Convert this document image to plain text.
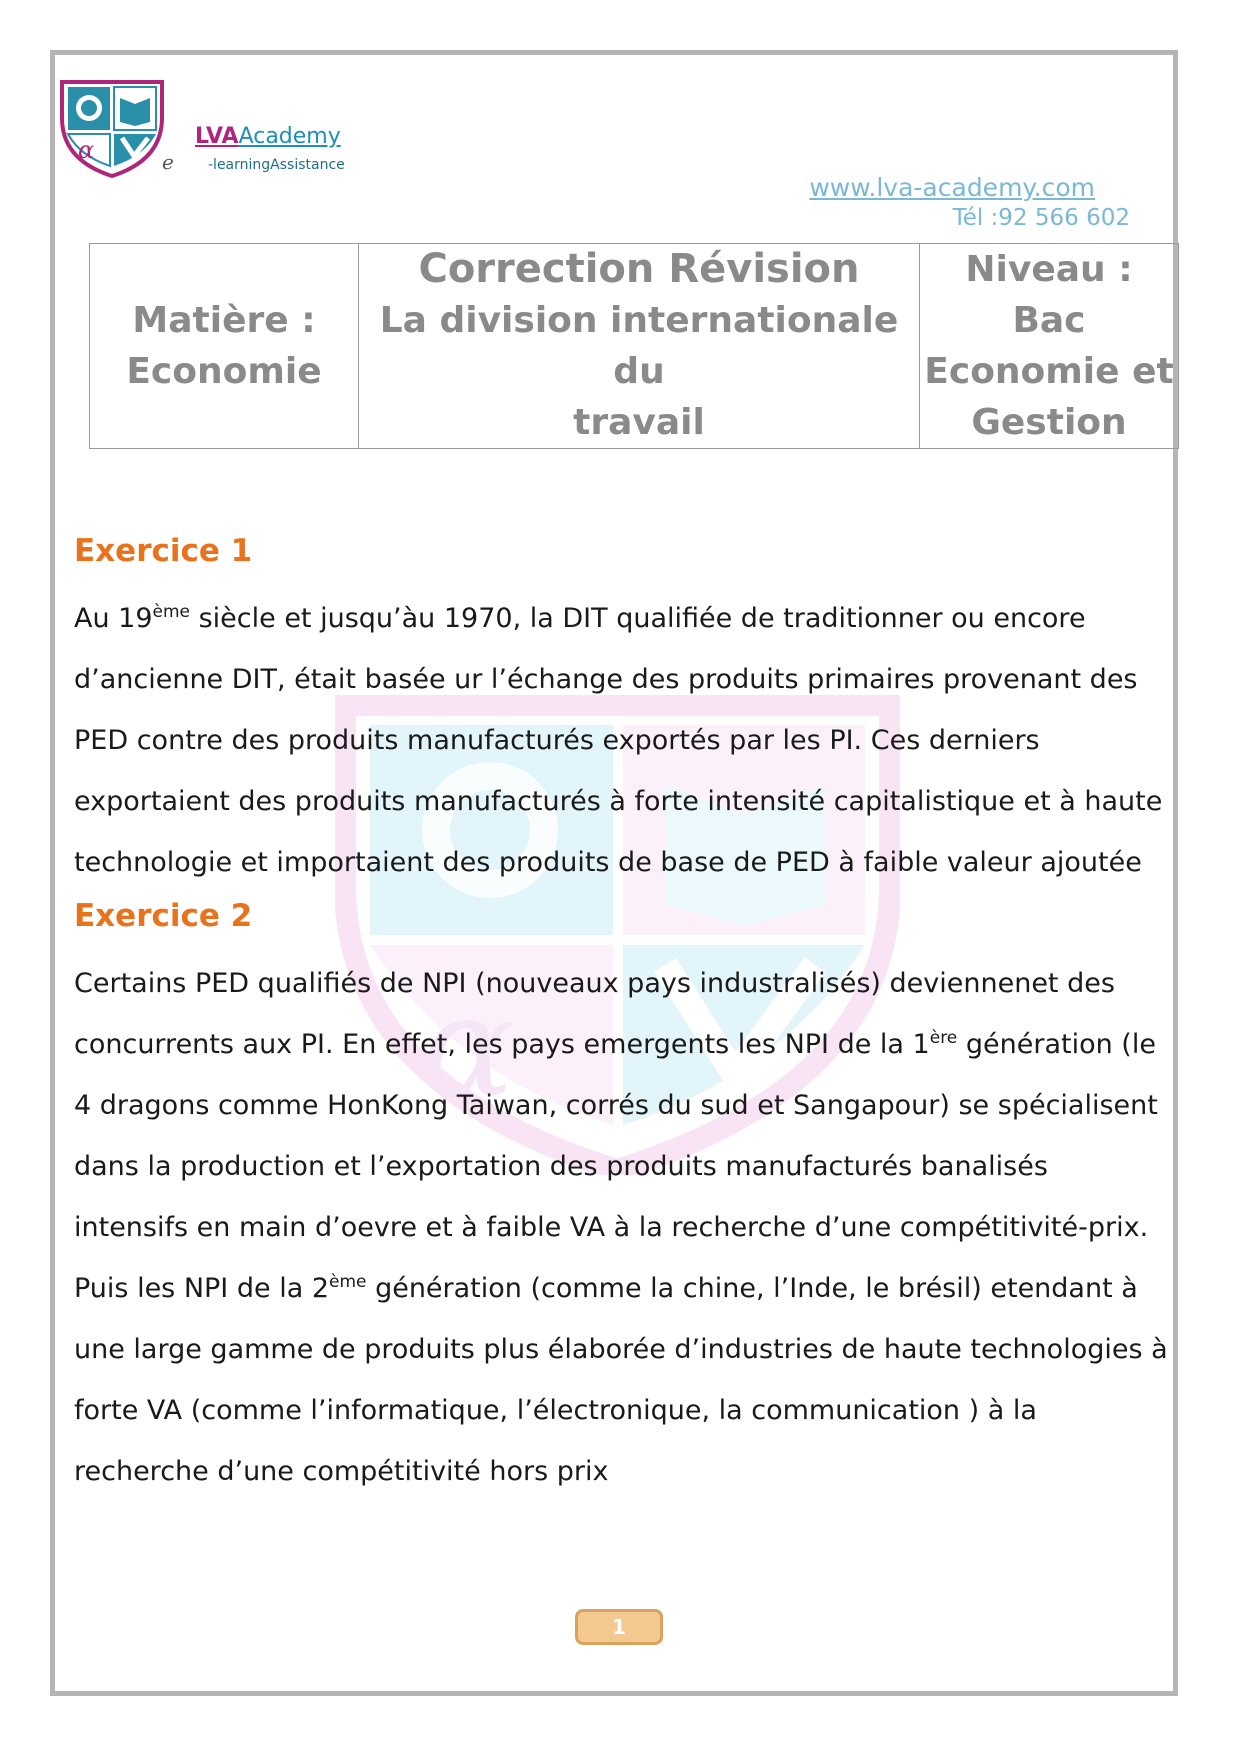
α	LVAAcademy
e -learningAssistance
www.lva-academy.com
Tél :92 566 602
Matière :
Economie

Correction Révision
La division internationale du
travail

Niveau : Bac
Economie et
Gestion
α
Exercice 1

Au 19ème siècle et jusqu’àu 1970, la DIT qualifiée de traditionner ou encore

d’ancienne DIT, était basée ur l’échange des produits primaires provenant des

PED contre des produits manufacturés exportés par les PI. Ces derniers

exportaient des produits manufacturés à forte intensité capitalistique et à haute

technologie et importaient des produits de base de PED à faible valeur ajoutée

Exercice 2

Certains PED qualifiés de NPI (nouveaux pays industralisés) deviennenet des

concurrents aux PI. En effet, les pays emergents les NPI de la 1ère génération (le

4 dragons comme HonKong Taiwan, corrés du sud et Sangapour) se spécialisent

dans la production et l’exportation des produits manufacturés banalisés

intensifs en main d’oevre et à faible VA à la recherche d’une compétitivité-prix.

Puis les NPI de la 2ème génération (comme la chine, l’Inde, le brésil) etendant à

une large gamme de produits plus élaborée d’industries de haute technologies à

forte VA (comme l’informatique, l’électronique, la communication ) à la

recherche d’une compétitivité hors prix

1
